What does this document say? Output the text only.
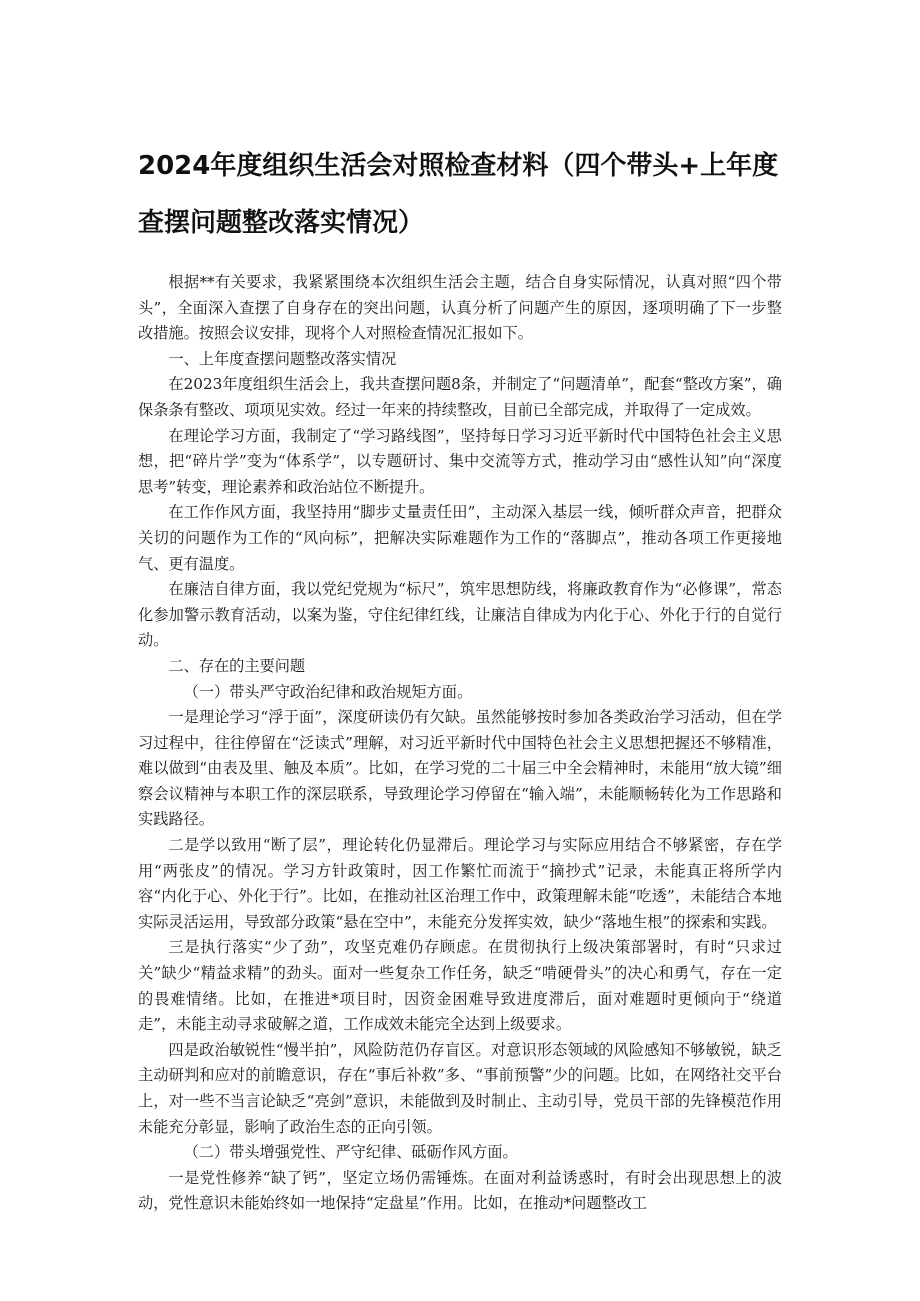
2024年度组织生活会对照检查材料（四个带头+上年度查摆问题整改落实情况）

根据**有关要求，我紧紧围绕本次组织生活会主题，结合自身实际情况，认真对照“四个带头”，全面深入查摆了自身存在的突出问题，认真分析了问题产生的原因，逐项明确了下一步整改措施。按照会议安排，现将个人对照检查情况汇报如下。

一、上年度查摆问题整改落实情况

在2023年度组织生活会上，我共查摆问题8条，并制定了“问题清单”，配套“整改方案”，确保条条有整改、项项见实效。经过一年来的持续整改，目前已全部完成，并取得了一定成效。

在理论学习方面，我制定了“学习路线图”，坚持每日学习习近平新时代中国特色社会主义思想，把“碎片学”变为“体系学”，以专题研讨、集中交流等方式，推动学习由“感性认知”向“深度思考”转变，理论素养和政治站位不断提升。

在工作作风方面，我坚持用“脚步丈量责任田”，主动深入基层一线，倾听群众声音，把群众关切的问题作为工作的“风向标”，把解决实际难题作为工作的“落脚点”，推动各项工作更接地气、更有温度。

在廉洁自律方面，我以党纪党规为“标尺”，筑牢思想防线，将廉政教育作为“必修课”，常态化参加警示教育活动，以案为鉴，守住纪律红线，让廉洁自律成为内化于心、外化于行的自觉行动。

二、存在的主要问题

（一）带头严守政治纪律和政治规矩方面。

一是理论学习“浮于面”，深度研读仍有欠缺。虽然能够按时参加各类政治学习活动，但在学习过程中，往往停留在“泛读式”理解，对习近平新时代中国特色社会主义思想把握还不够精准，难以做到“由表及里、触及本质”。比如，在学习党的二十届三中全会精神时，未能用“放大镜”细察会议精神与本职工作的深层联系，导致理论学习停留在“输入端”，未能顺畅转化为工作思路和实践路径。

二是学以致用“断了层”，理论转化仍显滞后。理论学习与实际应用结合不够紧密，存在学用“两张皮”的情况。学习方针政策时，因工作繁忙而流于“摘抄式”记录，未能真正将所学内容“内化于心、外化于行”。比如，在推动社区治理工作中，政策理解未能“吃透”，未能结合本地实际灵活运用，导致部分政策“悬在空中”，未能充分发挥实效，缺少“落地生根”的探索和实践。

三是执行落实“少了劲”，攻坚克难仍存顾虑。在贯彻执行上级决策部署时，有时“只求过关”缺少“精益求精”的劲头。面对一些复杂工作任务，缺乏“啃硬骨头”的决心和勇气，存在一定的畏难情绪。比如，在推进*项目时，因资金困难导致进度滞后，面对难题时更倾向于“绕道走”，未能主动寻求破解之道，工作成效未能完全达到上级要求。

四是政治敏锐性“慢半拍”，风险防范仍存盲区。对意识形态领域的风险感知不够敏锐，缺乏主动研判和应对的前瞻意识，存在“事后补救”多、“事前预警”少的问题。比如，在网络社交平台上，对一些不当言论缺乏“亮剑”意识，未能做到及时制止、主动引导，党员干部的先锋模范作用未能充分彰显，影响了政治生态的正向引领。

（二）带头增强党性、严守纪律、砥砺作风方面。

一是党性修养“缺了钙”，坚定立场仍需锤炼。在面对利益诱惑时，有时会出现思想上的波动，党性意识未能始终如一地保持“定盘星”作用。比如，在推动*问题整改工
